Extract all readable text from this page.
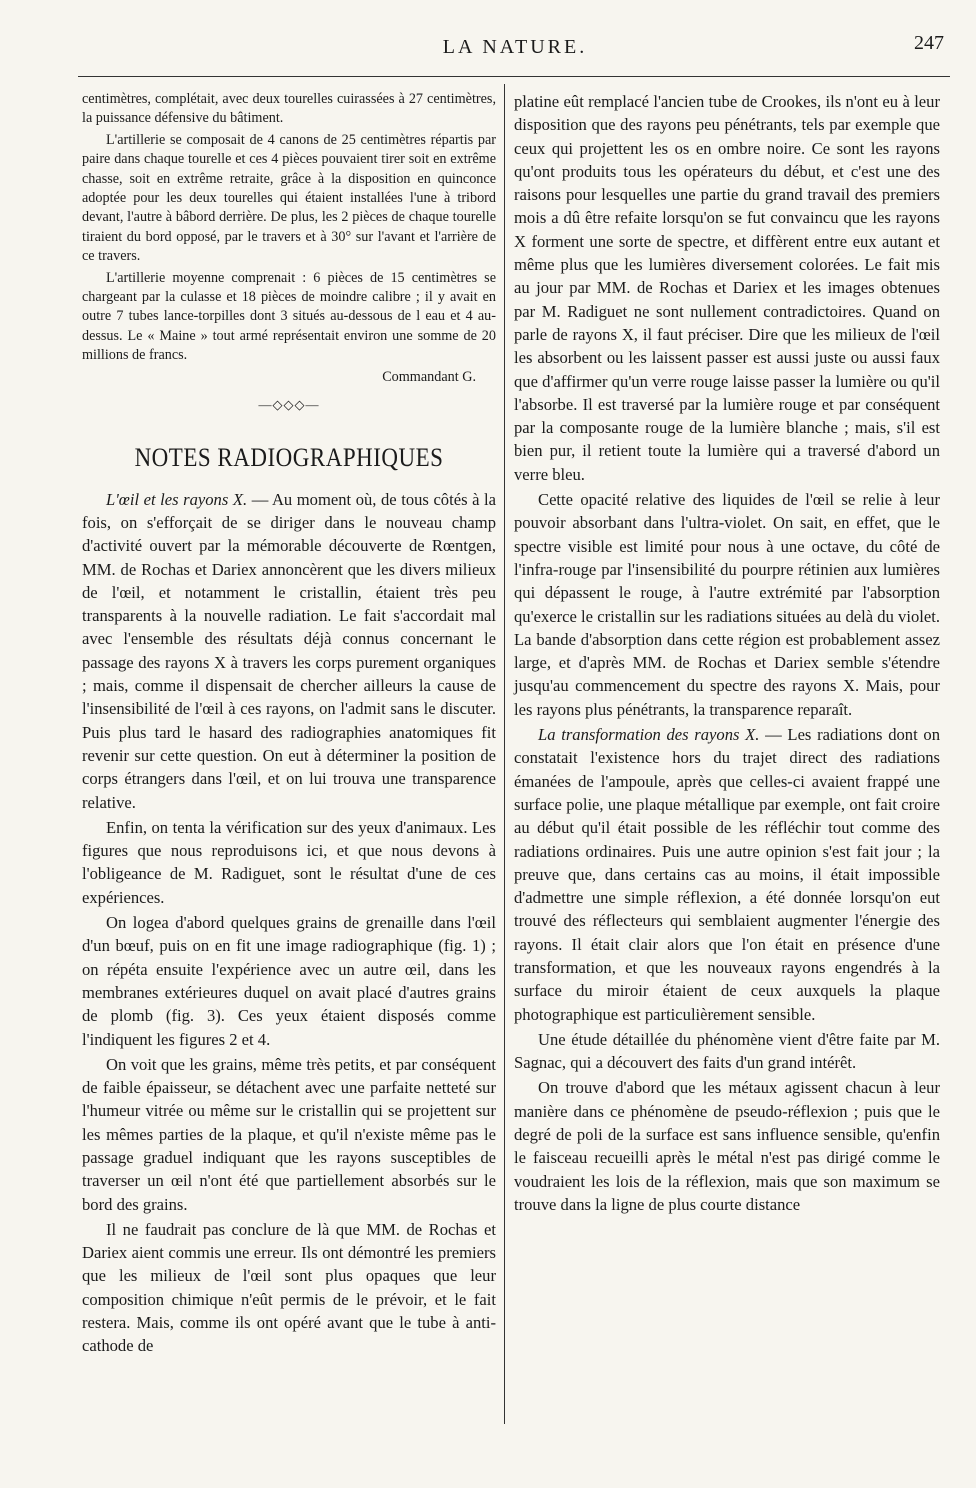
LA NATURE.	247

centimètres, complétait, avec deux tourelles cuirassées à 27 centimètres, la puissance défensive du bâtiment.

L'artillerie se composait de 4 canons de 25 centimètres répartis par paire dans chaque tourelle et ces 4 pièces pouvaient tirer soit en extrême chasse, soit en extrême retraite, grâce à la disposition en quinconce adoptée pour les deux tourelles qui étaient installées l'une à tribord devant, l'autre à bâbord derrière. De plus, les 2 pièces de chaque tourelle tiraient du bord opposé, par le travers et à 30° sur l'avant et l'arrière de ce travers.

L'artillerie moyenne comprenait : 6 pièces de 15 centimètres se chargeant par la culasse et 18 pièces de moindre calibre ; il y avait en outre 7 tubes lance-torpilles dont 3 situés au-dessous de l eau et 4 au-dessus. Le « Maine » tout armé représentait environ une somme de 20 millions de francs.

Commandant G.

—◇◇◇—
NOTES RADIOGRAPHIQUES

L'œil et les rayons X. — Au moment où, de tous côtés à la fois, on s'efforçait de se diriger dans le nouveau champ d'activité ouvert par la mémorable découverte de Rœntgen, MM. de Rochas et Dariex annoncèrent que les divers milieux de l'œil, et notamment le cristallin, étaient très peu transparents à la nouvelle radiation. Le fait s'accordait mal avec l'ensemble des résultats déjà connus concernant le passage des rayons X à travers les corps purement organiques ; mais, comme il dispensait de chercher ailleurs la cause de l'insensibilité de l'œil à ces rayons, on l'admit sans le discuter. Puis plus tard le hasard des radiographies anatomiques fit revenir sur cette question. On eut à déterminer la position de corps étrangers dans l'œil, et on lui trouva une transparence relative.

Enfin, on tenta la vérification sur des yeux d'animaux. Les figures que nous reproduisons ici, et que nous devons à l'obligeance de M. Radiguet, sont le résultat d'une de ces expériences.

On logea d'abord quelques grains de grenaille dans l'œil d'un bœuf, puis on en fit une image radiographique (fig. 1) ; on répéta ensuite l'expérience avec un autre œil, dans les membranes extérieures duquel on avait placé d'autres grains de plomb (fig. 3). Ces yeux étaient disposés comme l'indiquent les figures 2 et 4.

On voit que les grains, même très petits, et par conséquent de faible épaisseur, se détachent avec une parfaite netteté sur l'humeur vitrée ou même sur le cristallin qui se projettent sur les mêmes parties de la plaque, et qu'il n'existe même pas le passage graduel indiquant que les rayons susceptibles de traverser un œil n'ont été que partiellement absorbés sur le bord des grains.

Il ne faudrait pas conclure de là que MM. de Rochas et Dariex aient commis une erreur. Ils ont démontré les premiers que les milieux de l'œil sont plus opaques que leur composition chimique n'eût permis de le prévoir, et le fait restera. Mais, comme ils ont opéré avant que le tube à anti-cathode de

platine eût remplacé l'ancien tube de Crookes, ils n'ont eu à leur disposition que des rayons peu pénétrants, tels par exemple que ceux qui projettent les os en ombre noire. Ce sont les rayons qu'ont produits tous les opérateurs du début, et c'est une des raisons pour lesquelles une partie du grand travail des premiers mois a dû être refaite lorsqu'on se fut convaincu que les rayons X forment une sorte de spectre, et diffèrent entre eux autant et même plus que les lumières diversement colorées. Le fait mis au jour par MM. de Rochas et Dariex et les images obtenues par M. Radiguet ne sont nullement contradictoires. Quand on parle de rayons X, il faut préciser. Dire que les milieux de l'œil les absorbent ou les laissent passer est aussi juste ou aussi faux que d'affirmer qu'un verre rouge laisse passer la lumière ou qu'il l'absorbe. Il est traversé par la lumière rouge et par conséquent par la composante rouge de la lumière blanche ; mais, s'il est bien pur, il retient toute la lumière qui a traversé d'abord un verre bleu.

Cette opacité relative des liquides de l'œil se relie à leur pouvoir absorbant dans l'ultra-violet. On sait, en effet, que le spectre visible est limité pour nous à une octave, du côté de l'infra-rouge par l'insensibilité du pourpre rétinien aux lumières qui dépassent le rouge, à l'autre extrémité par l'absorption qu'exerce le cristallin sur les radiations situées au delà du violet. La bande d'absorption dans cette région est probablement assez large, et d'après MM. de Rochas et Dariex semble s'étendre jusqu'au commencement du spectre des rayons X. Mais, pour les rayons plus pénétrants, la transparence reparaît.

La transformation des rayons X. — Les radiations dont on constatait l'existence hors du trajet direct des radiations émanées de l'ampoule, après que celles-ci avaient frappé une surface polie, une plaque métallique par exemple, ont fait croire au début qu'il était possible de les réfléchir tout comme des radiations ordinaires. Puis une autre opinion s'est fait jour ; la preuve que, dans certains cas au moins, il était impossible d'admettre une simple réflexion, a été donnée lorsqu'on eut trouvé des réflecteurs qui semblaient augmenter l'énergie des rayons. Il était clair alors que l'on était en présence d'une transformation, et que les nouveaux rayons engendrés à la surface du miroir étaient de ceux auxquels la plaque photographique est particulièrement sensible.

Une étude détaillée du phénomène vient d'être faite par M. Sagnac, qui a découvert des faits d'un grand intérêt.

On trouve d'abord que les métaux agissent chacun à leur manière dans ce phénomène de pseudo-réflexion ; puis que le degré de poli de la surface est sans influence sensible, qu'enfin le faisceau recueilli après le métal n'est pas dirigé comme le voudraient les lois de la réflexion, mais que son maximum se trouve dans la ligne de plus courte distance
